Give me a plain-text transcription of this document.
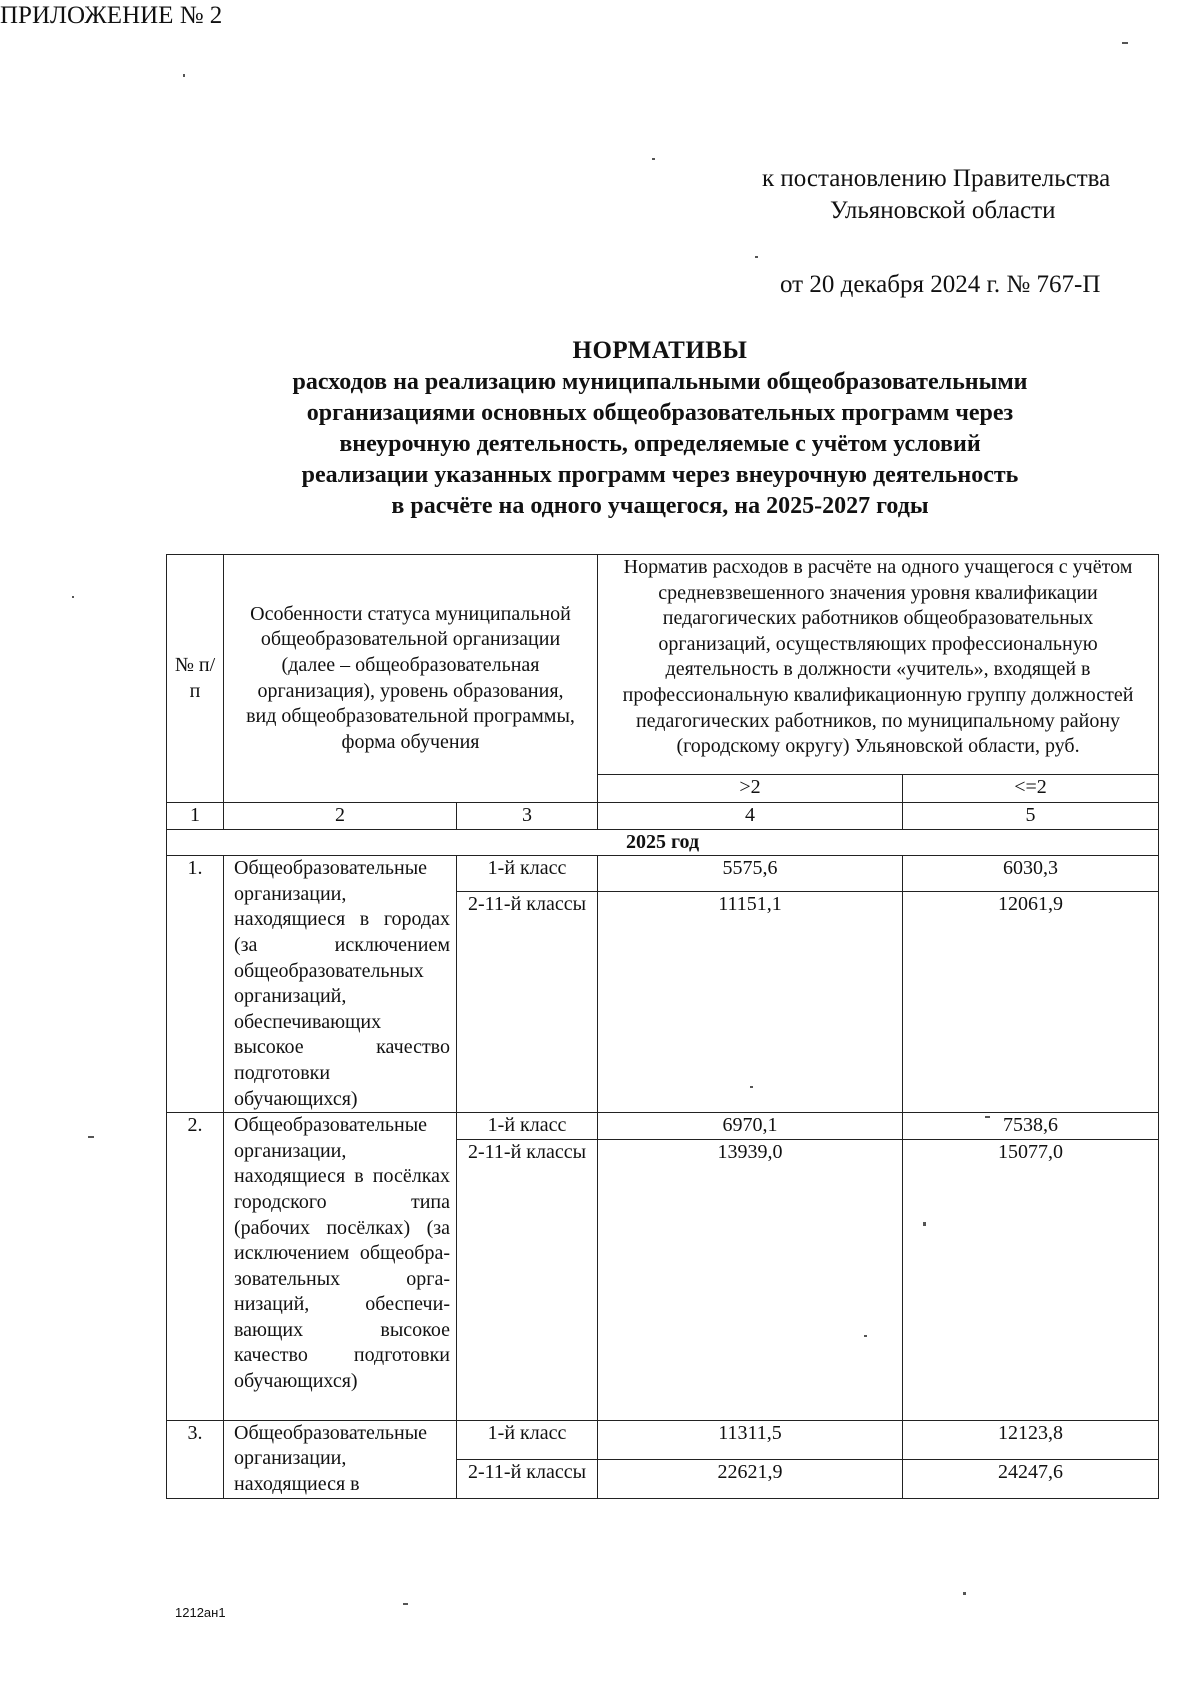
ПРИЛОЖЕНИЕ № 2
к постановлению Правительства
Ульяновской области
от 20 декабря 2024 г. № 767-П
НОРМАТИВЫ
расходов на реализацию муниципальными общеобразовательными
организациями основных общеобразовательных программ через
внеурочную деятельность, определяемые с учётом условий
реализации указанных программ через внеурочную деятельность
в расчёте на одного учащегося, на 2025-2027 годы
№ п/п	Особенности статуса муниципальной общеобразовательной организации (далее – общеобразовательная организация), уровень образования, вид общеобразовательной программы, форма обучения		Норматив расходов в расчёте на одного учащегося с учётом средневзвешенного значения уровня квалификации педагогических работников общеобразовательных организаций, осуществляющих профессиональную деятельность в должности «учитель», входящей в профессиональную квалификационную группу должностей педагогических работников, по муниципальному району (городскому округу) Ульяновской области, руб.	
			>2	<=2
1	2	3	4	5
2025 год				
1.	Общеобразовательные организации, находящиеся в городах (за исключением общеобразовательных организаций, обеспечивающих высокое качество подготовки обучающихся)	1-й класс	5575,6	6030,3
		2-11-й классы	11151,1	12061,9
2.	Общеобразовательные организации, находящиеся в посёлках городского типа (рабочих посёлках) (за исключением общеобразовательных организаций, обеспечивающих высокое качество подготовки обучающихся)	1-й класс	6970,1	7538,6
		2-11-й классы	13939,0	15077,0
3.	Общеобразовательные организации, находящиеся в	1-й класс	11311,5	12123,8
		2-11-й классы	22621,9	24247,6
1212ан1
